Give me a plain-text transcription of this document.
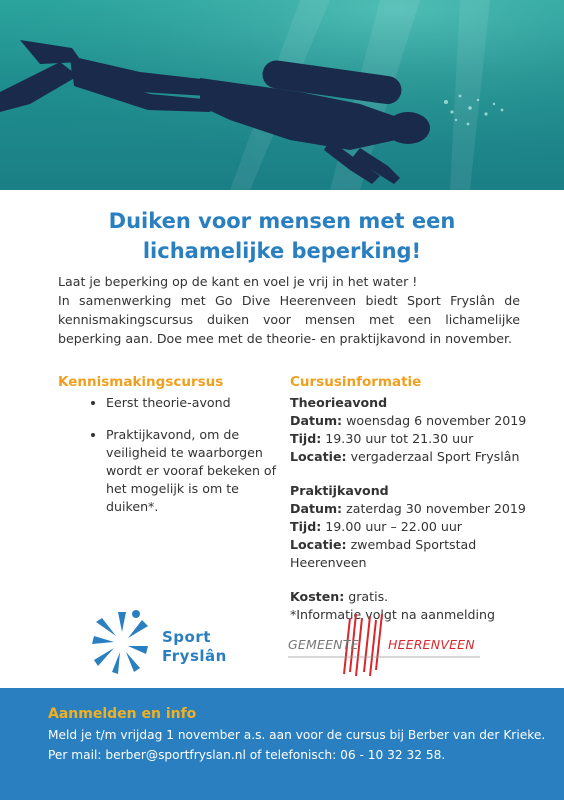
Duiken voor mensen met een lichamelijke beperking!

Laat je beperking op de kant en voel je vrij in het water !

In samenwerking met Go Dive Heerenveen biedt Sport Fryslân de kennismakingscursus duiken voor mensen met een lichamelijke beperking aan. Doe mee met de theorie- en praktijkavond in november.

Kennismakingscursus
• Eerst theorie-avond
• Praktijkavond, om de veiligheid te waarborgen wordt er vooraf bekeken of het mogelijk is om te duiken*.
Cursusinformatie
Theorieavond
Datum: woensdag 6 november 2019
Tijd: 19.30 uur tot 21.30 uur
Locatie: vergaderzaal Sport Fryslân
Praktijkavond
Datum: zaterdag 30 november 2019
Tijd: 19.00 uur – 22.00 uur
Locatie: zwembad Sportstad Heerenveen
Kosten: gratis.
*Informatie volgt na aanmelding
Sport
Fryslân
GEMEENTE HEERENVEEN
Aanmelden en info
Meld je t/m vrijdag 1 november a.s. aan voor de cursus bij Berber van der Krieke.
Per mail: berber@sportfryslan.nl of telefonisch: 06 - 10 32 32 58.
